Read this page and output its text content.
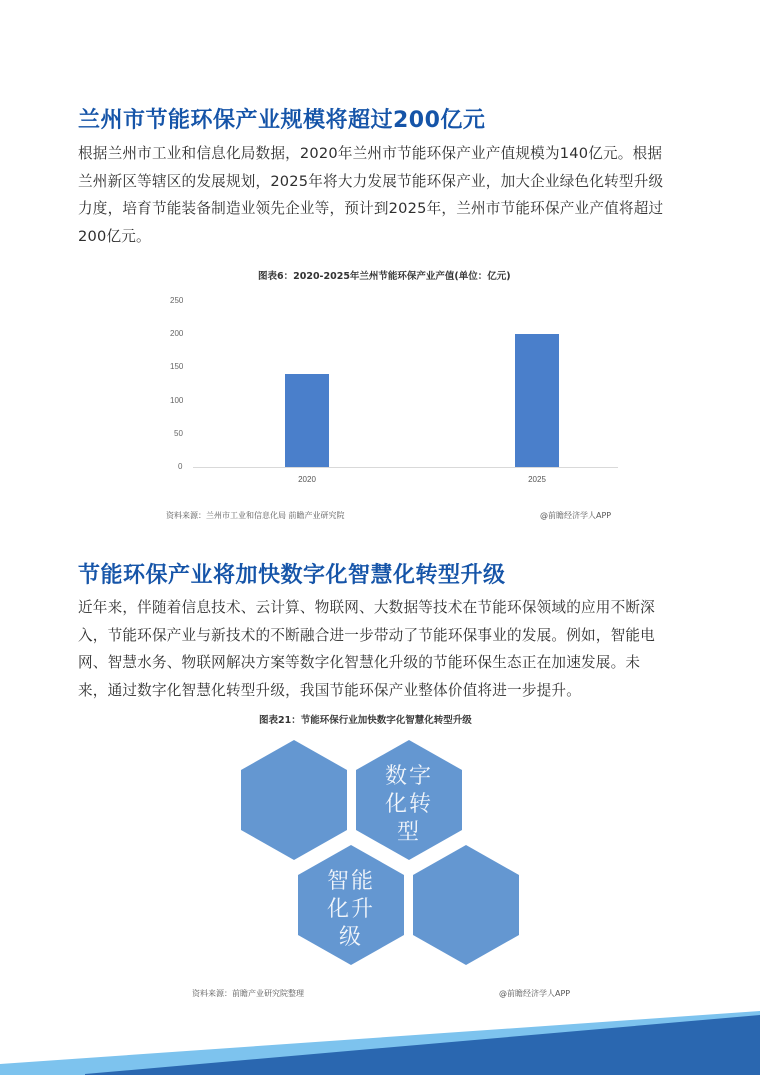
兰州市节能环保产业规模将超过200亿元
根据兰州市工业和信息化局数据，2020年兰州市节能环保产业产值规模为140亿元。根据
兰州新区等辖区的发展规划，2025年将大力发展节能环保产业，加大企业绿色化转型升级
力度，培育节能装备制造业领先企业等，预计到2025年，兰州市节能环保产业产值将超过
200亿元。
图表6：2020-2025年兰州节能环保产业产值(单位：亿元)
250
200
150
100
50
0
2020	2025
资料来源：兰州市工业和信息化局 前瞻产业研究院	@前瞻经济学人APP
节能环保产业将加快数字化智慧化转型升级
近年来，伴随着信息技术、云计算、物联网、大数据等技术在节能环保领域的应用不断深
入，节能环保产业与新技术的不断融合进一步带动了节能环保事业的发展。例如，智能电
网、智慧水务、物联网解决方案等数字化智慧化升级的节能环保生态正在加速发展。未
来，通过数字化智慧化转型升级，我国节能环保产业整体价值将进一步提升。
图表21：节能环保行业加快数字化智慧化转型升级
数字
化转
型
智能
化升
级
资料来源：前瞻产业研究院整理	@前瞻经济学人APP
